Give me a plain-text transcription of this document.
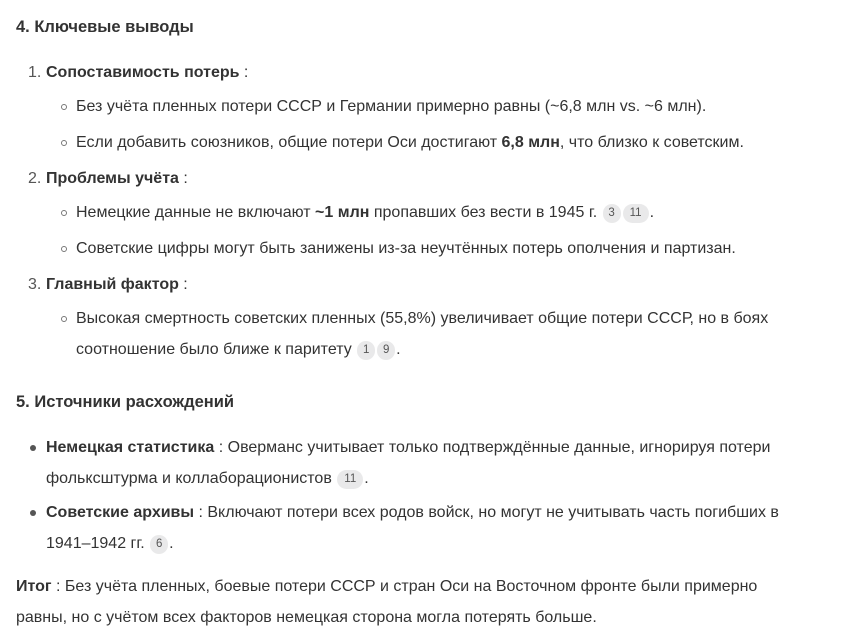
4. Ключевые выводы
1. Сопоставимость потерь :
Без учёта пленных потери СССР и Германии примерно равны (~6,8 млн vs. ~6 млн).
Если добавить союзников, общие потери Оси достигают 6,8 млн, что близко к советским.
2. Проблемы учёта :
Немецкие данные не включают ~1 млн пропавших без вести в 1945 г. 3 11 .
Советские цифры могут быть занижены из-за неучтённых потерь ополчения и партизан.
3. Главный фактор :
Высокая смертность советских пленных (55,8%) увеличивает общие потери СССР, но в боях
соотношение было ближе к паритету 1 9 .
5. Источники расхождений
Немецкая статистика : Оверманс учитывает только подтверждённые данные, игнорируя потери
фольксштурма и коллаборационистов 11 .
Советские архивы : Включают потери всех родов войск, но могут не учитывать часть погибших в
1941–1942 гг. 6 .

Итог : Без учёта пленных, боевые потери СССР и стран Оси на Восточном фронте были примерно
равны, но с учётом всех факторов немецкая сторона могла потерять больше.
